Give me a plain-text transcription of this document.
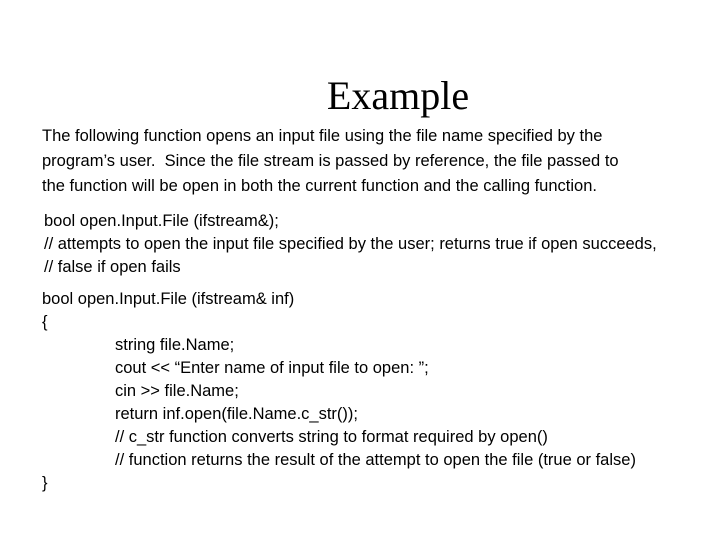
Example
The following function opens an input file using the file name specified by the
program’s user.  Since the file stream is passed by reference, the file passed to
the function will be open in both the current function and the calling function.
bool open.Input.File (ifstream&);
// attempts to open the input file specified by the user; returns true if open succeeds,
// false if open fails
bool open.Input.File (ifstream& inf)
{
string file.Name;
cout << “Enter name of input file to open: ”;
cin >> file.Name;
return inf.open(file.Name.c_str());
// c_str function converts string to format required by open()
// function returns the result of the attempt to open the file (true or false)
}
